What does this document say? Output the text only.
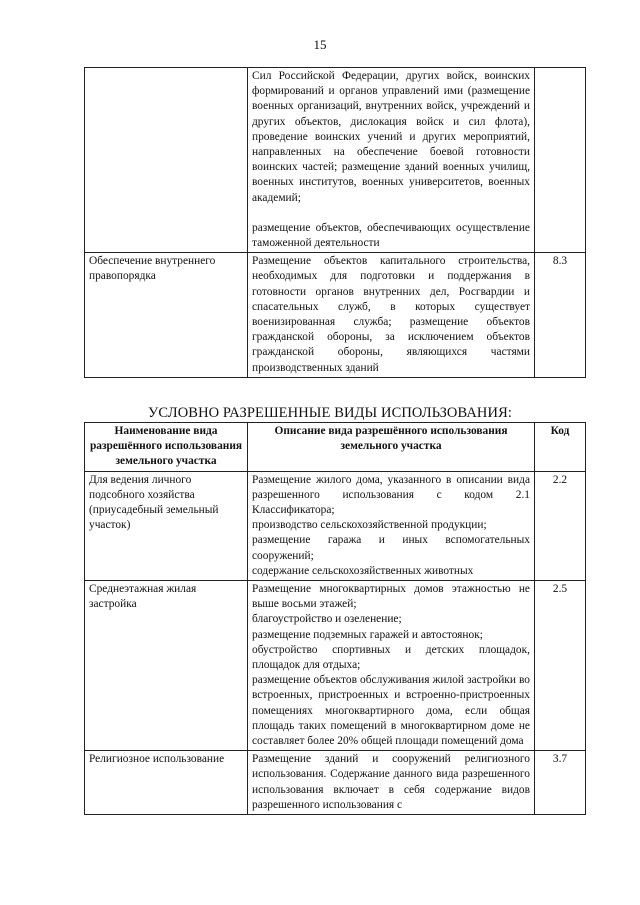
15

	Сил Российской Федерации, других войск, воинских формирований и органов управлений ими (размещение военных организаций, внутренних войск, учреждений и других объектов, дислокация войск и сил флота), проведение воинских учений и других мероприятий, направленных на обеспечение боевой готовности воинских частей; размещение зданий военных училищ, военных институтов, военных университетов, военных академий;

размещение объектов, обеспечивающих осуществление таможенной деятельности	

Обеспечение внутреннего правопорядка	Размещение объектов капитального строительства, необходимых для подготовки и поддержания в готовности органов внутренних дел, Росгвардии и спасательных служб, в которых существует военизированная служба; размещение объектов гражданской обороны, за исключением объектов гражданской обороны, являющихся частями производственных зданий	8.3
УСЛОВНО РАЗРЕШЕННЫЕ ВИДЫ ИСПОЛЬЗОВАНИЯ:
Наименование вида разрешённого использования земельного участка	Описание вида разрешённого использования земельного участка	Код
Для ведения личного подсобного хозяйства (приусадебный земельный участок)	Размещение жилого дома, указанного в описании вида разрешенного использования с кодом 2.1 Классификатора;

производство сельскохозяйственной продукции;

размещение гаража и иных вспомогательных сооружений;

содержание сельскохозяйственных животных	2.2
Среднеэтажная жилая застройка	Размещение многоквартирных домов этажностью не выше восьми этажей;

благоустройство и озеленение;

размещение подземных гаражей и автостоянок;

обустройство спортивных и детских площадок, площадок для отдыха;

размещение объектов обслуживания жилой застройки во встроенных, пристроенных и встроенно-пристроенных помещениях многоквартирного дома, если общая площадь таких помещений в многоквартирном доме не составляет более 20% общей площади помещений дома	2.5
Религиозное использование	Размещение зданий и сооружений религиозного использования. Содержание данного вида разрешенного использования включает в себя содержание видов разрешенного использования с	3.7
